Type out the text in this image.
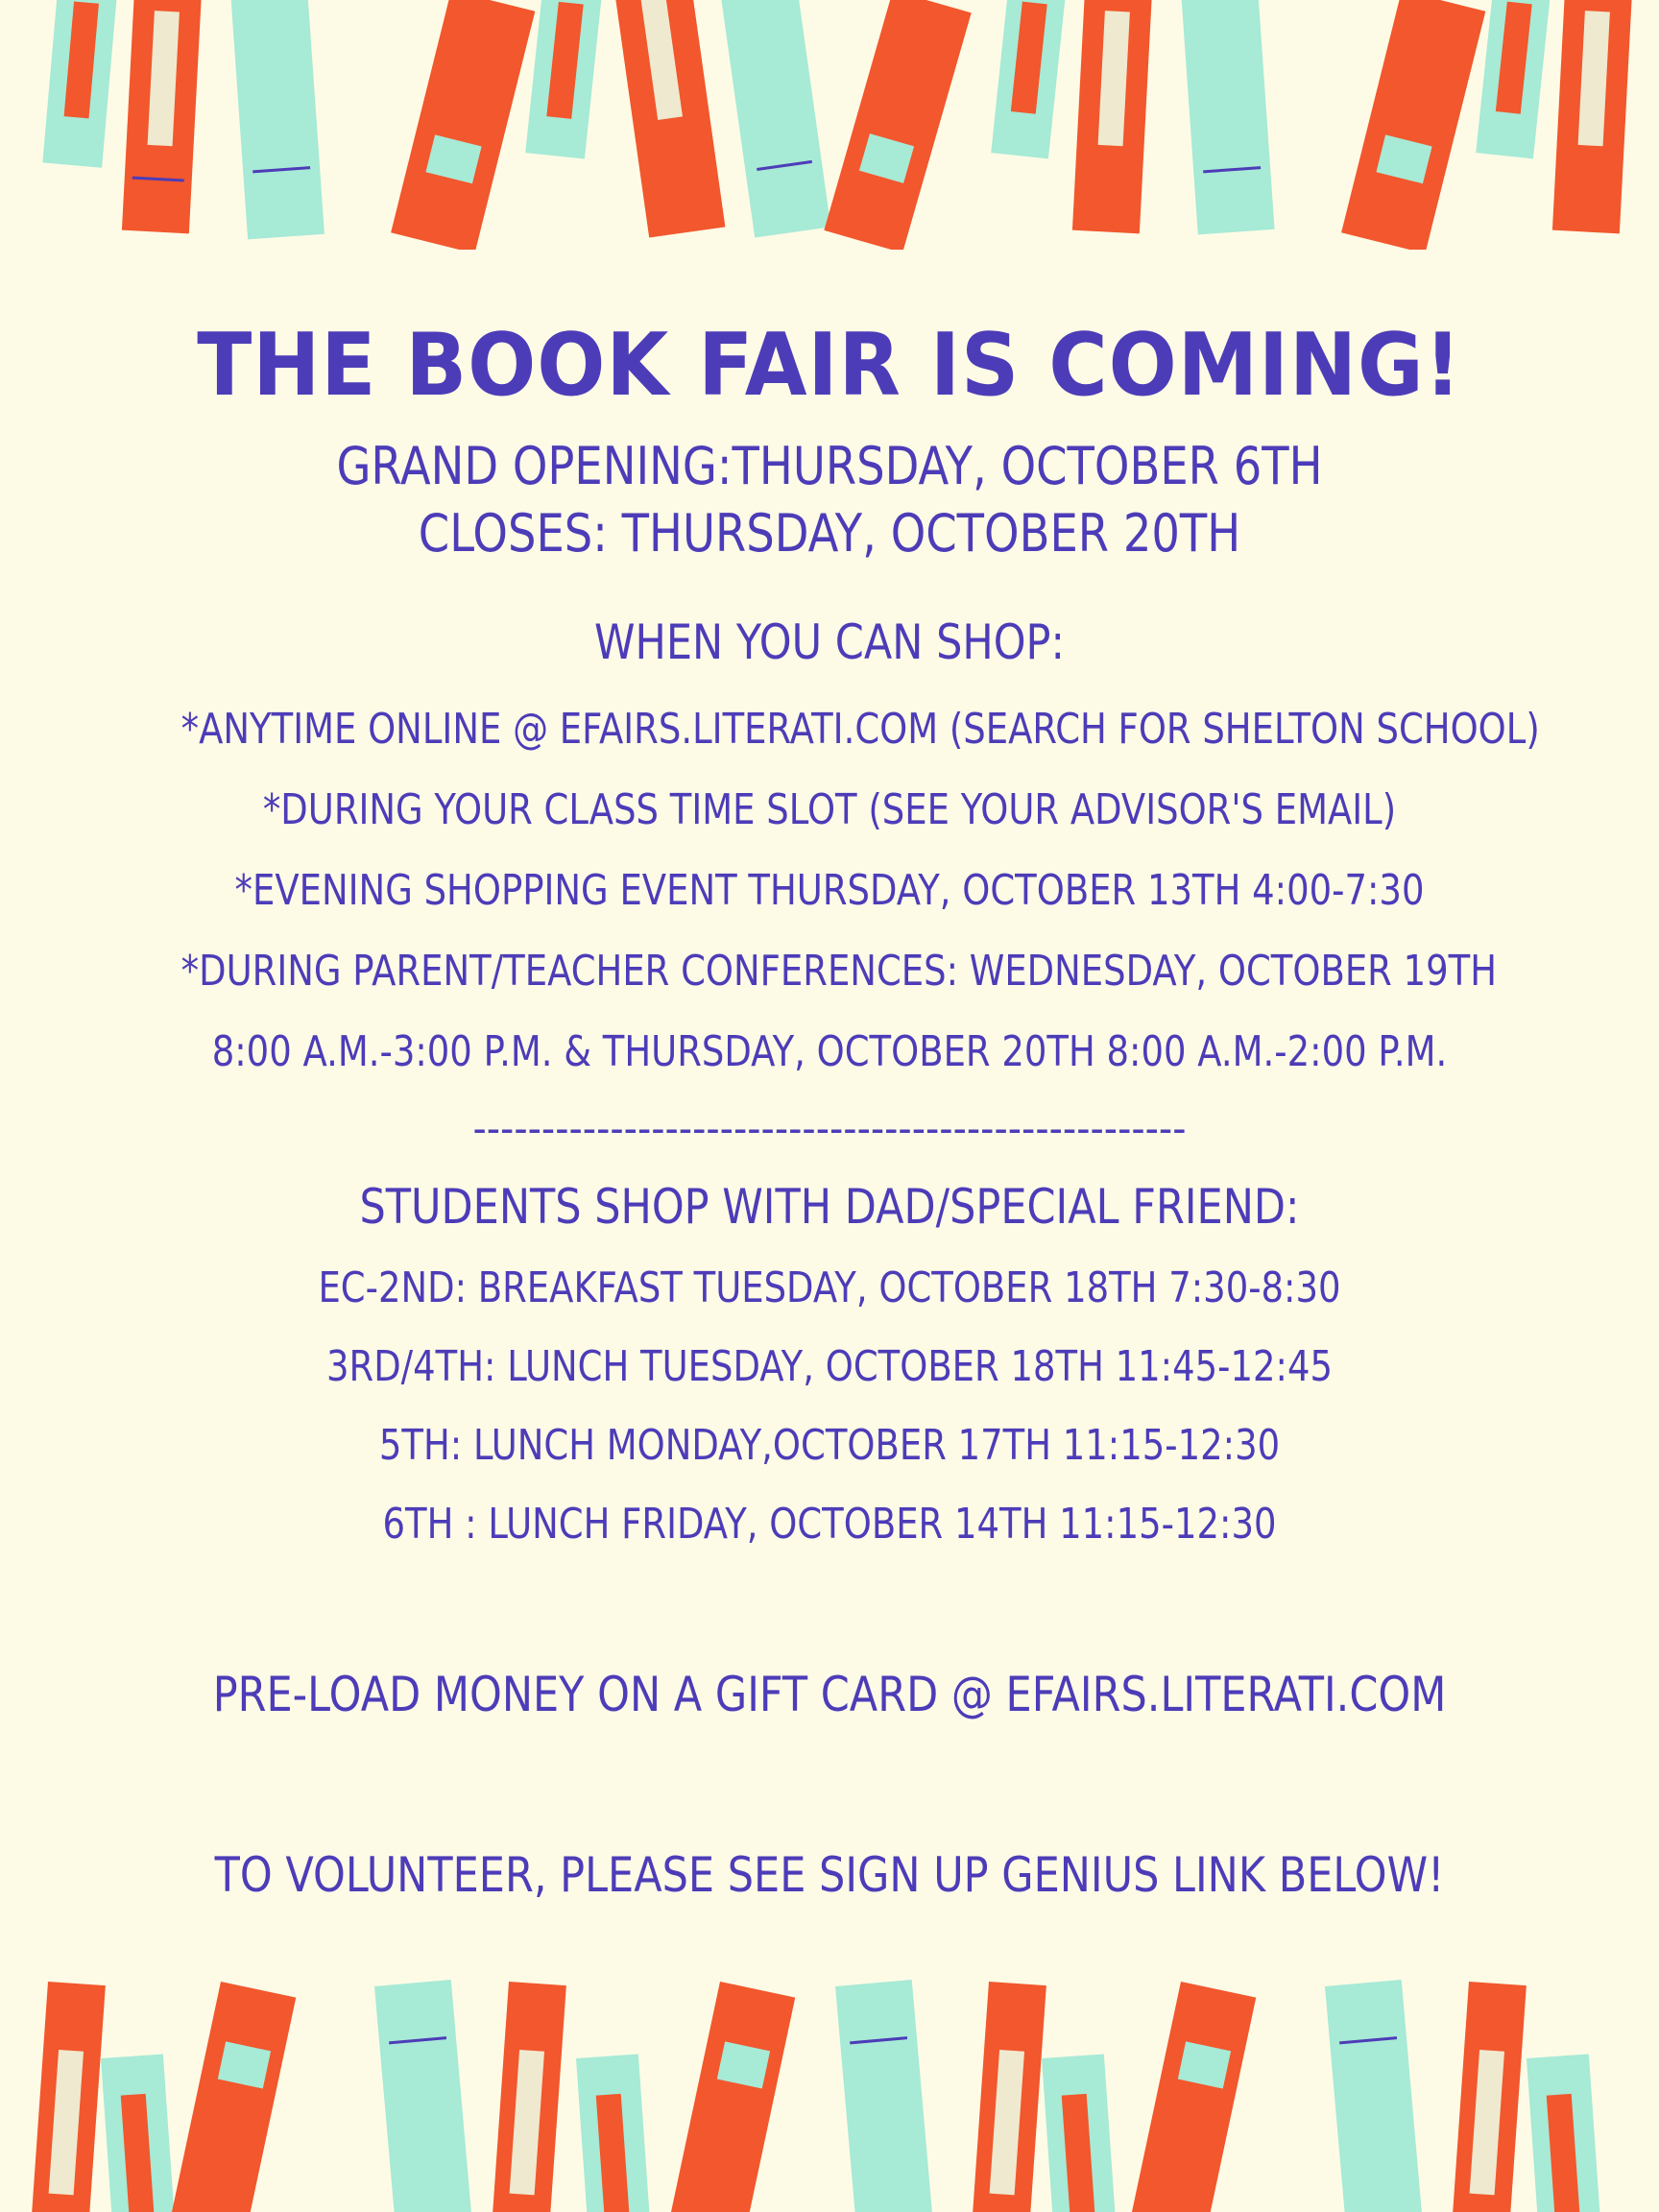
THE BOOK FAIR IS COMING!
GRAND OPENING:THURSDAY, OCTOBER 6TH
CLOSES: THURSDAY, OCTOBER 20TH
WHEN YOU CAN SHOP:
*ANYTIME ONLINE @ EFAIRS.LITERATI.COM (SEARCH FOR SHELTON SCHOOL)
*DURING YOUR CLASS TIME SLOT (SEE YOUR ADVISOR'S EMAIL)
*EVENING SHOPPING EVENT THURSDAY, OCTOBER 13TH 4:00-7:30
*DURING PARENT/TEACHER CONFERENCES: WEDNESDAY, OCTOBER 19TH
8:00 A.M.-3:00 P.M. & THURSDAY, OCTOBER 20TH 8:00 A.M.-2:00 P.M.
----------------------------------------------------
STUDENTS SHOP WITH DAD/SPECIAL FRIEND:
EC-2ND: BREAKFAST TUESDAY, OCTOBER 18TH 7:30-8:30
3RD/4TH: LUNCH TUESDAY, OCTOBER 18TH 11:45-12:45
5TH: LUNCH MONDAY,OCTOBER 17TH 11:15-12:30
6TH : LUNCH FRIDAY, OCTOBER 14TH 11:15-12:30
PRE-LOAD MONEY ON A GIFT CARD @ EFAIRS.LITERATI.COM
TO VOLUNTEER, PLEASE SEE SIGN UP GENIUS LINK BELOW!
